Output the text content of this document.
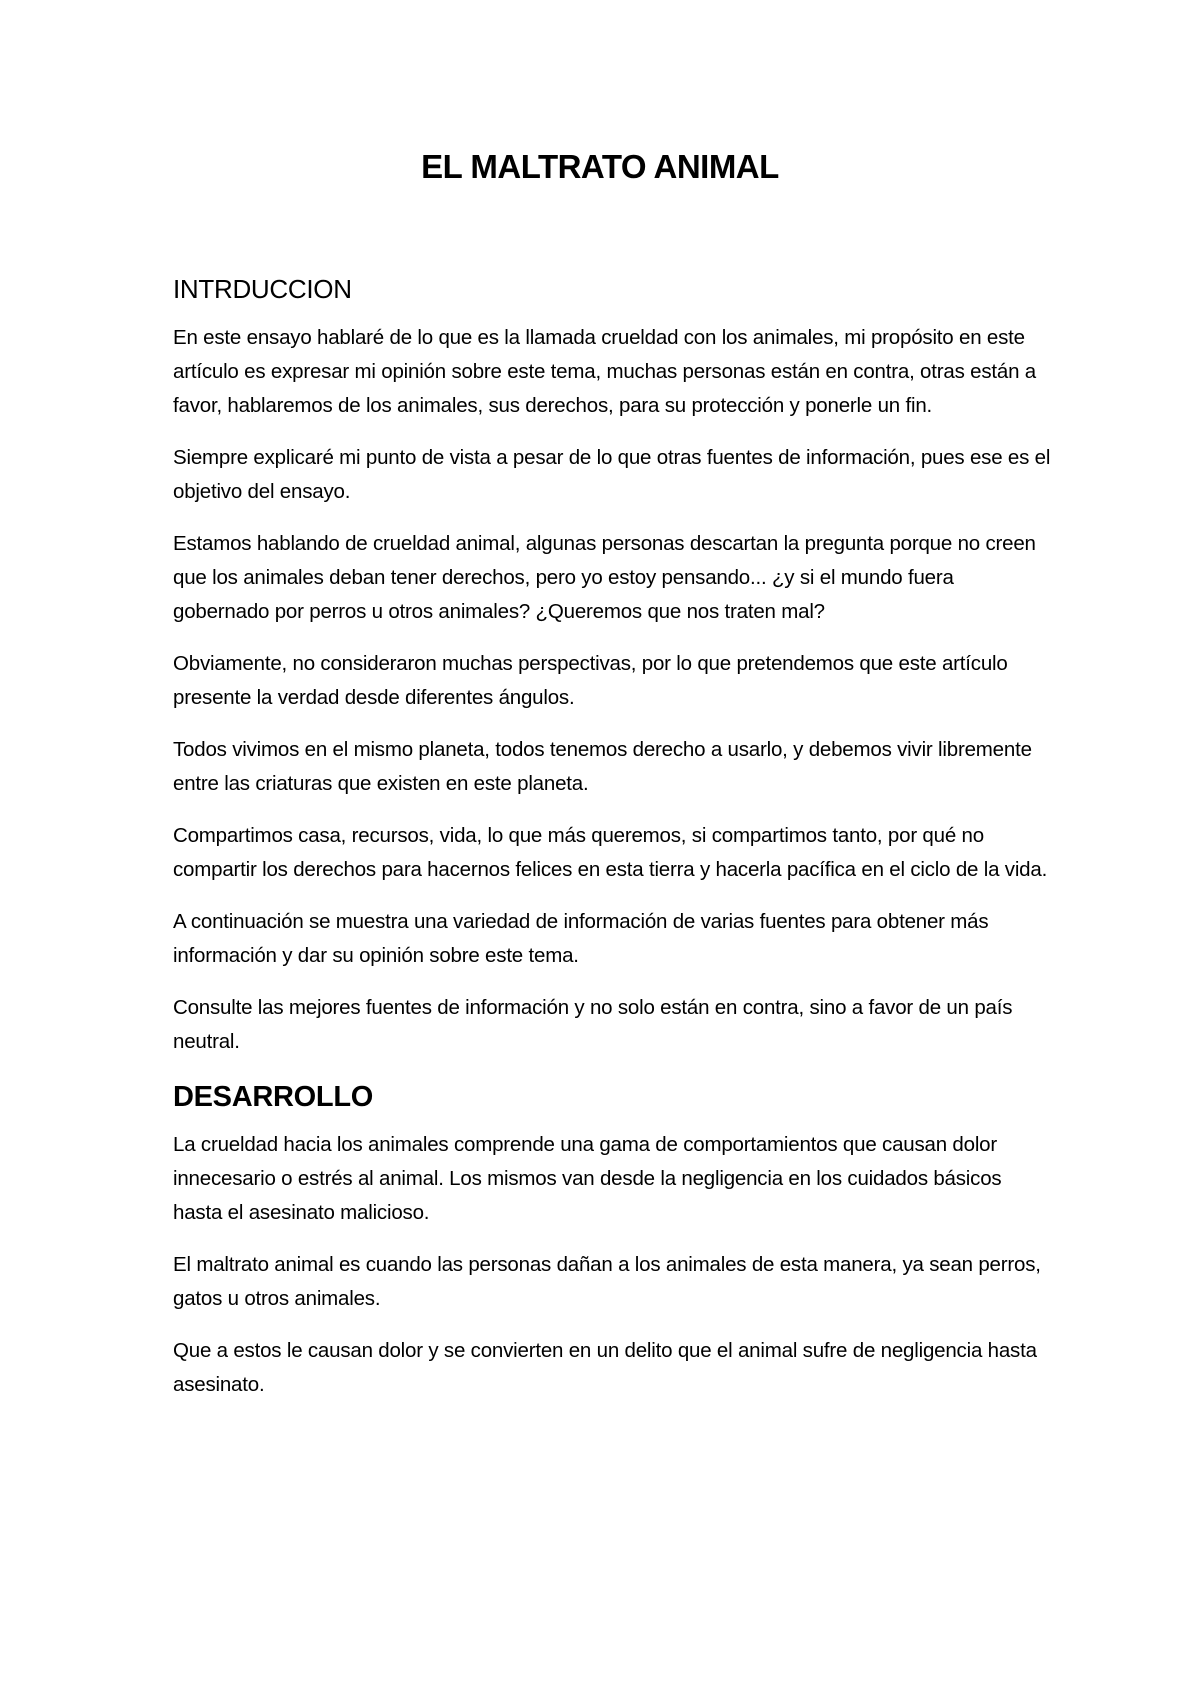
EL MALTRATO ANIMAL
INTRDUCCION

En este ensayo hablaré de lo que es la llamada crueldad con los animales, mi propósito en este artículo es expresar mi opinión sobre este tema, muchas personas están en contra, otras están a favor, hablaremos de los animales, sus derechos, para su protección y ponerle un fin.

Siempre explicaré mi punto de vista a pesar de lo que otras fuentes de información, pues ese es el objetivo del ensayo.

Estamos hablando de crueldad animal, algunas personas descartan la pregunta porque no creen que los animales deban tener derechos, pero yo estoy pensando... ¿y si el mundo fuera gobernado por perros u otros animales? ¿Queremos que nos traten mal?

Obviamente, no consideraron muchas perspectivas, por lo que pretendemos que este artículo presente la verdad desde diferentes ángulos.

Todos vivimos en el mismo planeta, todos tenemos derecho a usarlo, y debemos vivir libremente entre las criaturas que existen en este planeta.

Compartimos casa, recursos, vida, lo que más queremos, si compartimos tanto, por qué no compartir los derechos para hacernos felices en esta tierra y hacerla pacífica en el ciclo de la vida.

A continuación se muestra una variedad de información de varias fuentes para obtener más información y dar su opinión sobre este tema.

Consulte las mejores fuentes de información y no solo están en contra, sino a favor de un país neutral.

DESARROLLO

La crueldad hacia los animales comprende una gama de comportamientos que causan dolor innecesario o estrés al animal. Los mismos van desde la negligencia en los cuidados básicos hasta el asesinato malicioso.

El maltrato animal es cuando las personas dañan a los animales de esta manera, ya sean perros, gatos u otros animales.

Que a estos le causan dolor y se convierten en un delito que el animal sufre de negligencia hasta asesinato.
